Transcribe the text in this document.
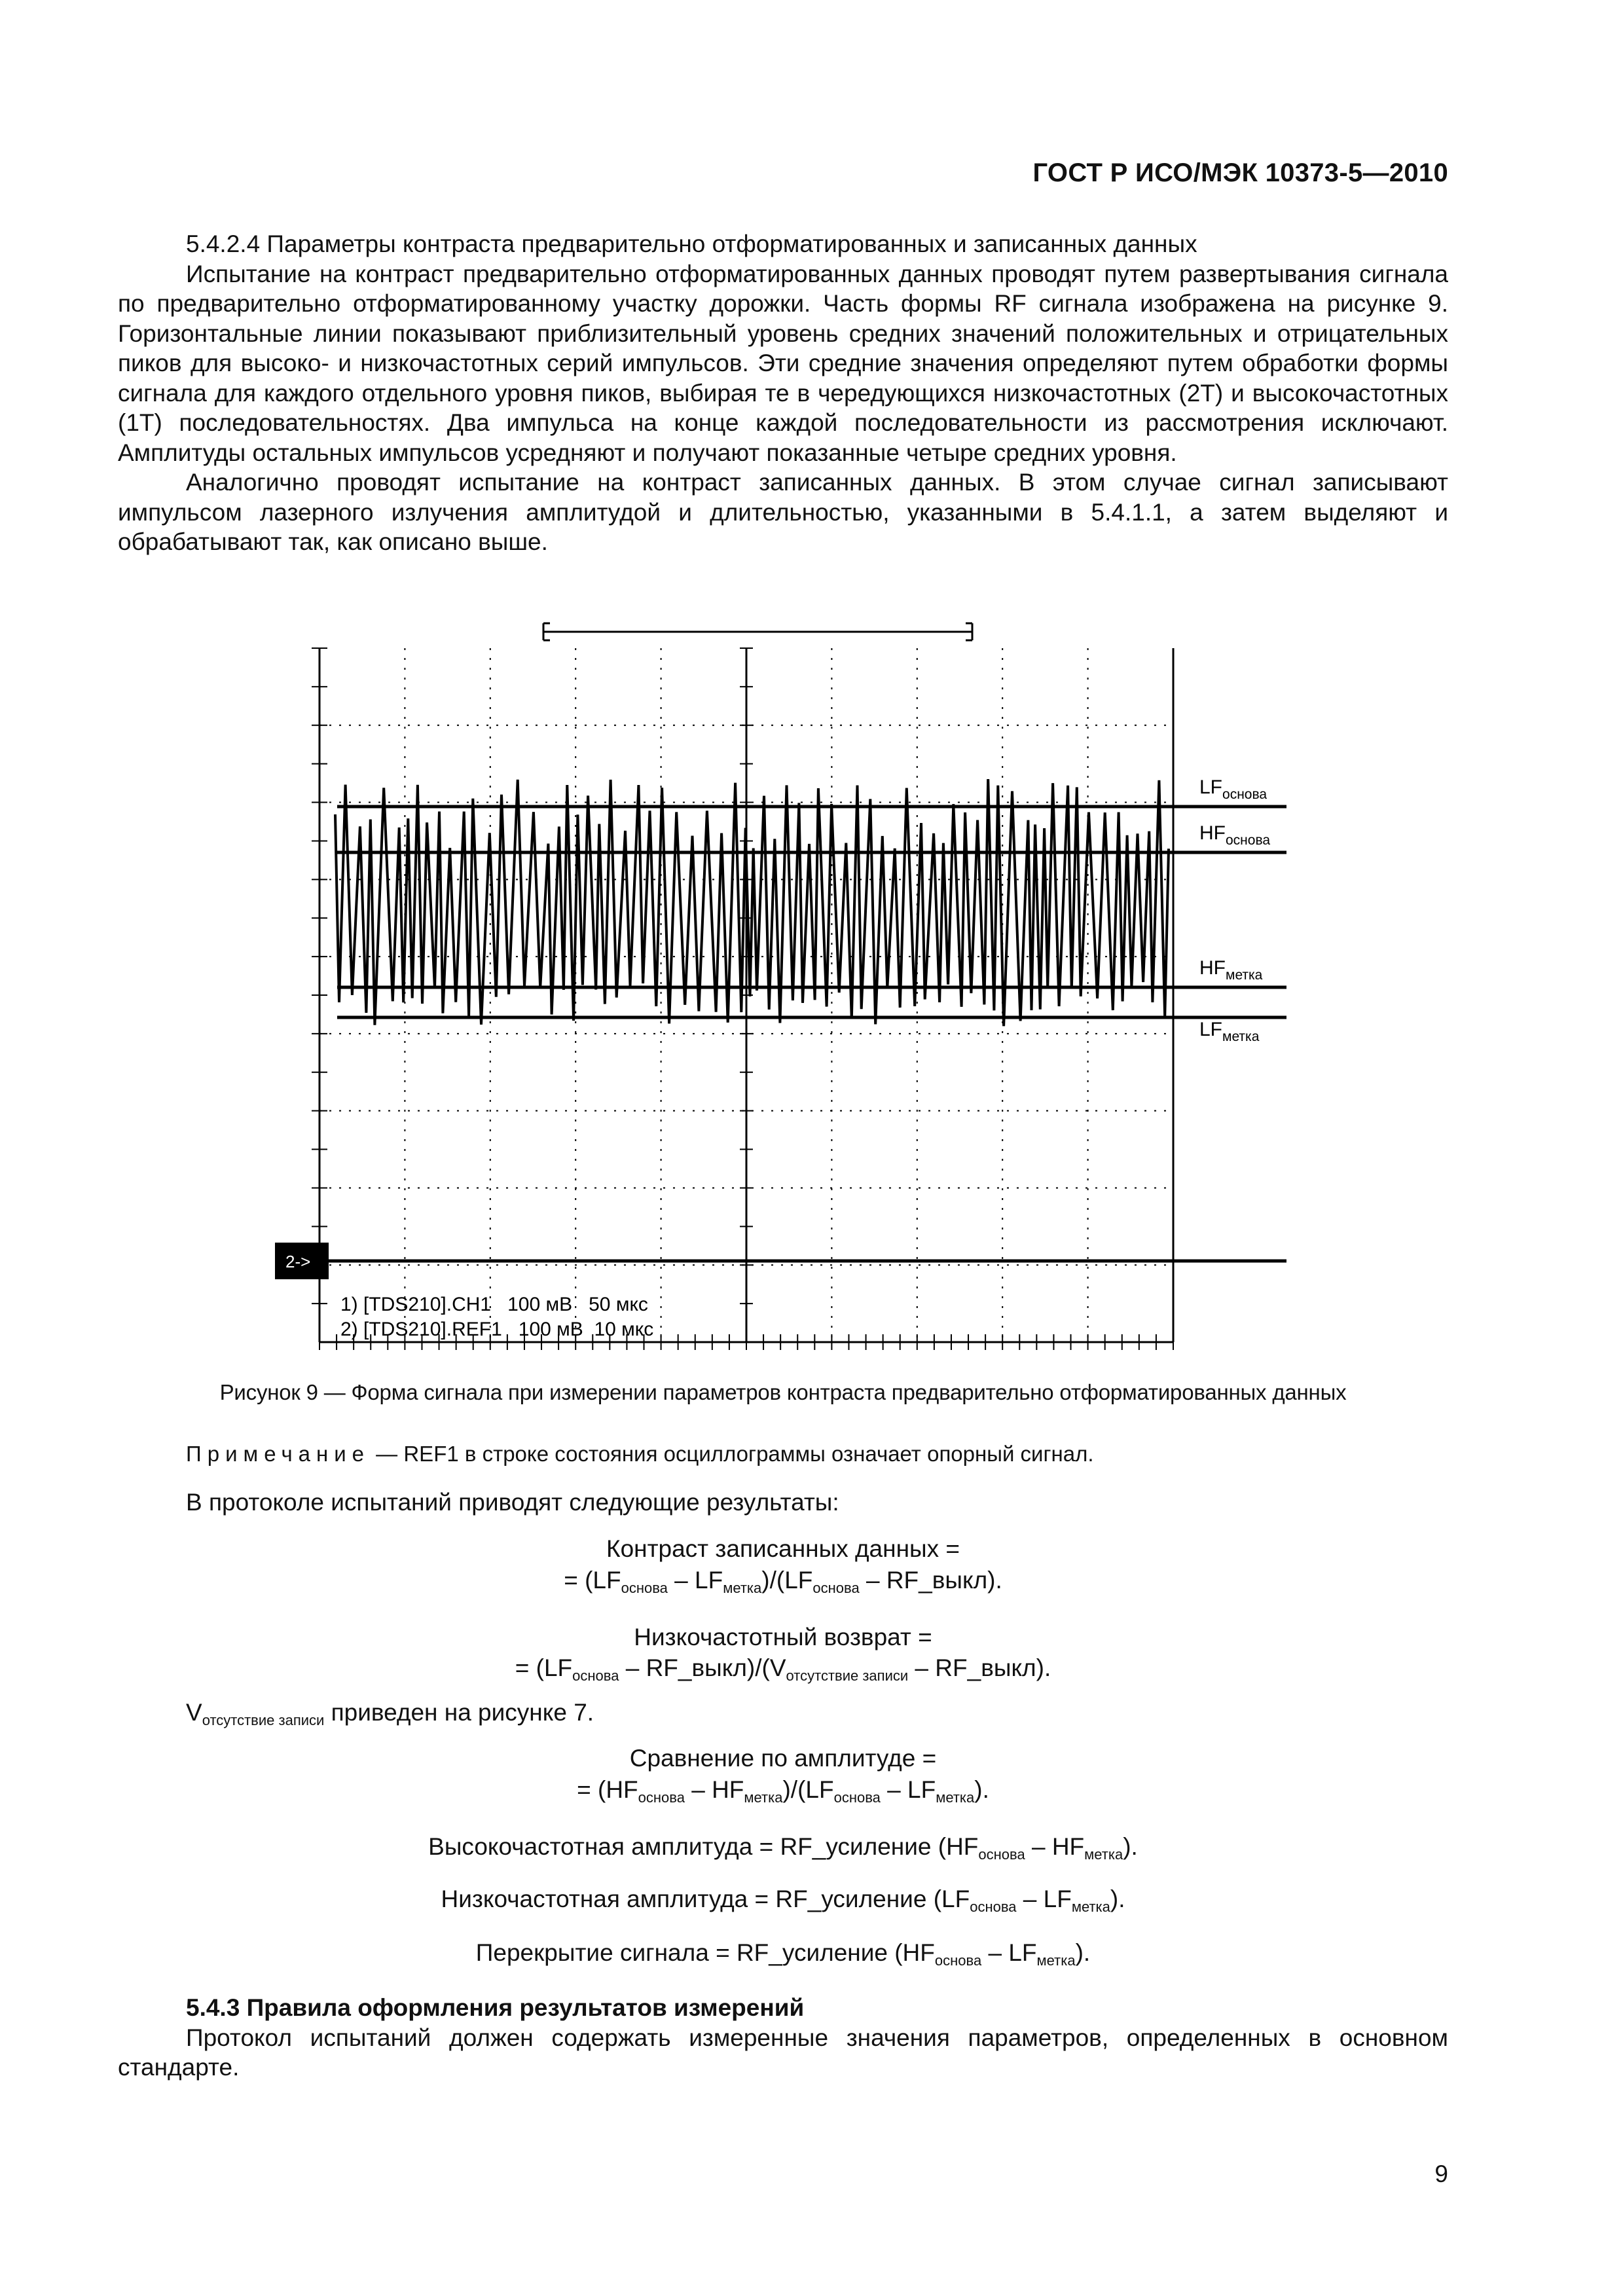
ГОСТ Р ИСО/МЭК 10373-5—2010

5.4.2.4 Параметры контраста предварительно отформатированных и записанных данных

Испытание на контраст предварительно отформатированных данных проводят путем развертывания сигнала по предварительно отформатированному участку дорожки. Часть формы RF сигнала изображена на рисунке 9. Горизонтальные линии показывают приблизительный уровень средних значений положительных и отрицательных пиков для высоко- и низкочастотных серий импульсов. Эти средние значения определяют путем обработки формы сигнала для каждого отдельного уровня пиков, выбирая те в чередующихся низкочастотных (2T) и высокочастотных (1T) последовательностях. Два импульса на конце каждой последовательности из рассмотрения исключают. Амплитуды остальных импульсов усредняют и получают показанные четыре средних уровня.

Аналогично проводят испытание на контраст записанных данных. В этом случае сигнал записывают импульсом лазерного излучения амплитудой и длительностью, указанными в 5.4.1.1, а затем выделяют и обрабатывают так, как описано выше.

$LF_{основа}$
$HF_{основа}$
$HF_{метка}$
$LF_{метка}$
2->
1) [TDS210].CH1   100 мВ   50 мкс
2) [TDS210].REF1   100 мВ  10 мкс
Рисунок 9 — Форма сигнала при измерении параметров контраста предварительно отформатированных данных
Примечание — REF1 в строке состояния осциллограммы означает опорный сигнал.
В протоколе испытаний приводят следующие результаты:
Контраст записанных данных =
= $(LF_{основа} - LF_{метка})/(LF_{основа}$ – RF_выкл).
Низкочастотный возврат =
= ($LF_{основа}$ – $RF\_выкл)/(V_{отсутствие записи}$ – RF_выкл).
$V_{отсутствие записи}$ приведен на рисунке 7.
Сравнение по амплитуде =
= $(HF_{основа} - HF_{метка})/(LF_{основа} - LF_{метка})$.
Высокочастотная амплитуда = RF_усиление $(HF_{основа} - HF_{метка})$.
Низкочастотная амплитуда = RF_усиление $(LF_{основа} - LF_{метка})$.
Перекрытие сигнала = RF_усиление $(HF_{основа} - LF_{метка})$.

5.4.3 Правила оформления результатов измерений

Протокол испытаний должен содержать измеренные значения параметров, определенных в основном стандарте.

9
